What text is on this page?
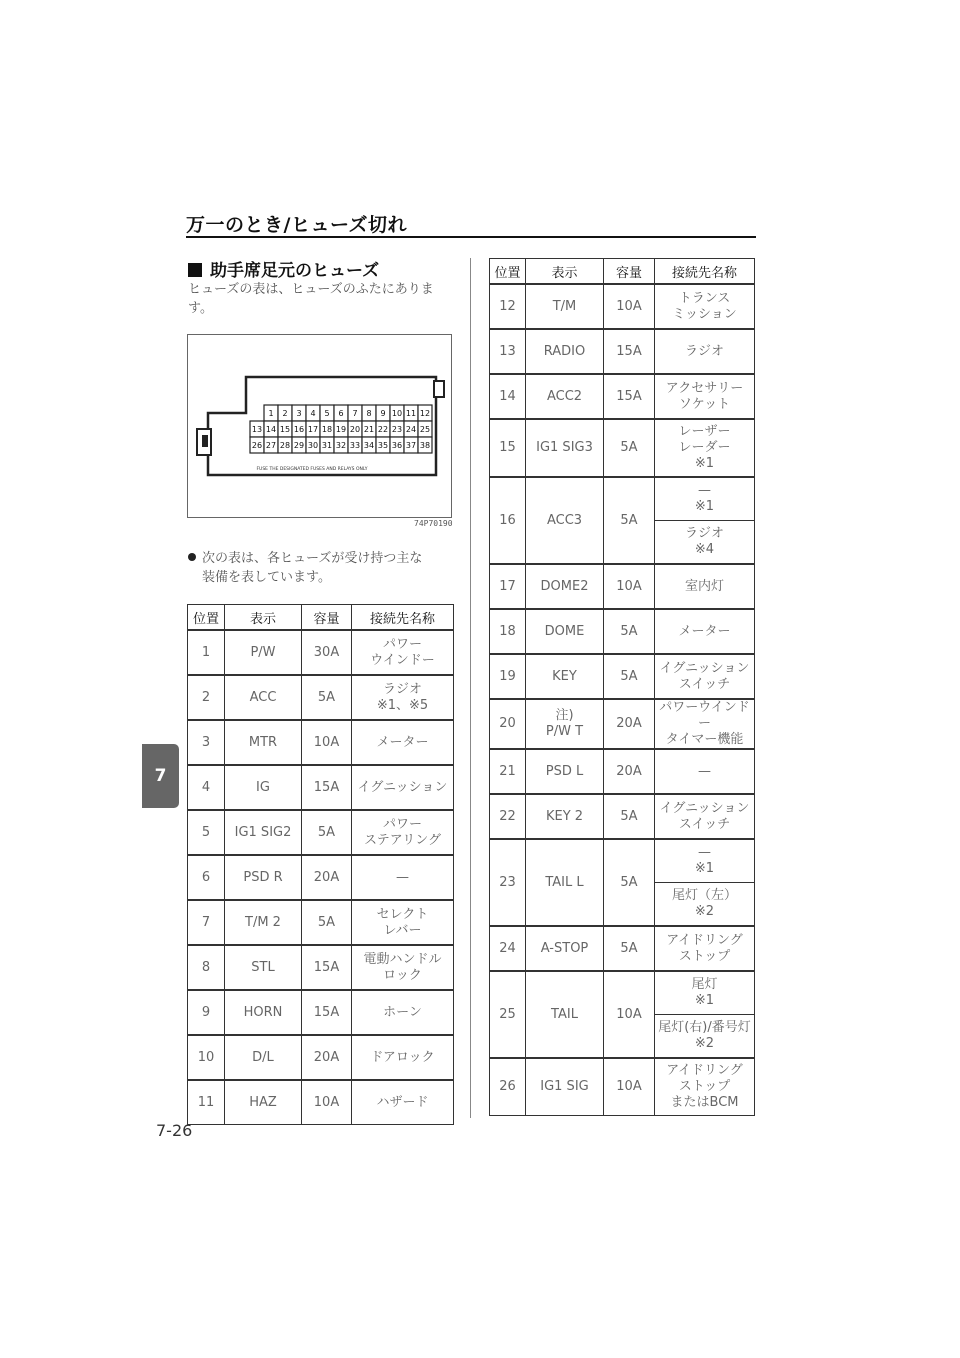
万一のとき/ヒューズ切れ
助手席足元のヒューズ
ヒューズの表は、ヒューズのふたにあります。
1 2 3 4 5 6 7 8 9 10 11 12
13 14 15 16 17 18 19 20 21 22 23 24 25
26 27 28 29 30 31 32 33 34 35 36 37 38
FUSE THE DESIGNATED FUSES AND RELAYS ONLY
74P70190
次の表は、各ヒューズが受け持つ主な
装備を表しています。
位置	表示	容量	接続先名称
1	P/W	30A	パワー
ウインドー
2	ACC	5A	ラジオ
※1、※5
3	MTR	10A	メーター
4	IG	15A	イグニッション
5	IG1 SIG2	5A	パワー
ステアリング
6	PSD R	20A	—
7	T/M 2	5A	セレクト
レバー
8	STL	15A	電動ハンドル
ロック
9	HORN	15A	ホーン
10	D/L	20A	ドアロック
11	HAZ	10A	ハザード
位置	表示	容量	接続先名称
12	T/M	10A	トランス
ミッション
13	RADIO	15A	ラジオ
14	ACC2	15A	アクセサリー
ソケット
15	IG1 SIG3	5A	レーザー
レーダー
※1
16	ACC3	5A	—
※1
			ラジオ
※4
17	DOME2	10A	室内灯
18	DOME	5A	メーター
19	KEY	5A	イグニッション
スイッチ
20	注)
P/W T	20A	パワーウインドー
タイマー機能
21	PSD L	20A	—
22	KEY 2	5A	イグニッション
スイッチ
23	TAIL L	5A	—
※1
			尾灯（左）
※2
24	A-STOP	5A	アイドリング
ストップ
25	TAIL	10A	尾灯
※1
			尾灯(右)/番号灯
※2
26	IG1 SIG	10A	アイドリング
ストップ
またはBCM
7
7-26
